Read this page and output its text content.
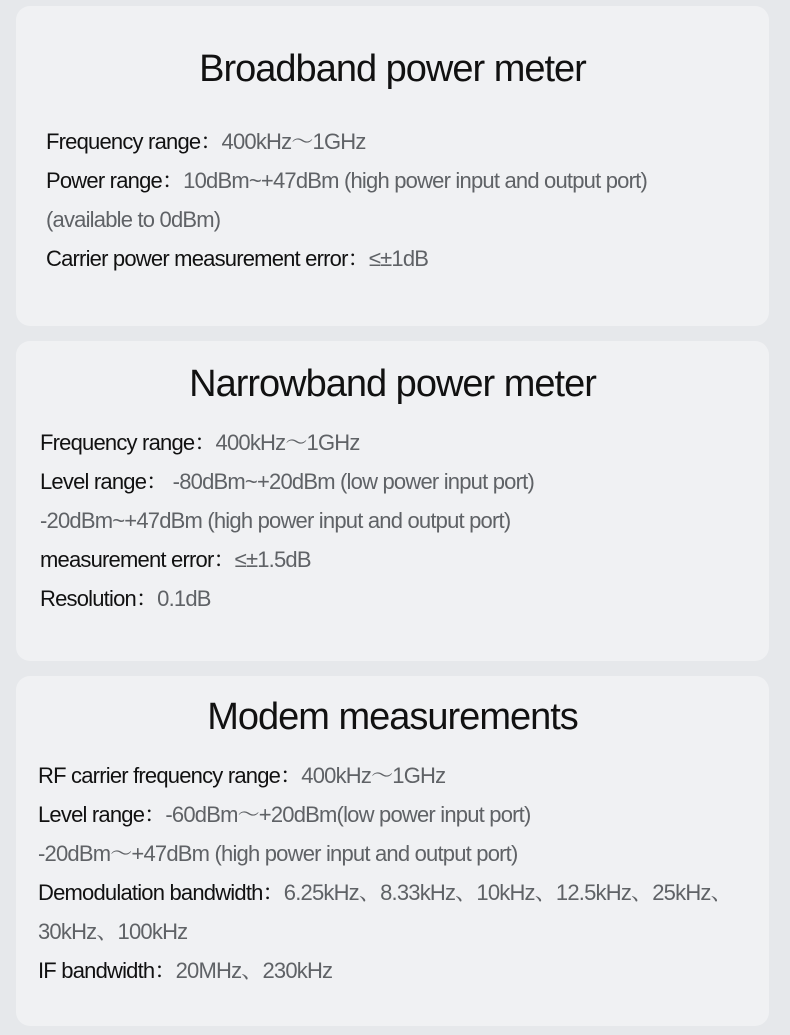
Broadband power meter
Frequency range：400kHz～1GHz
Power range：10dBm~+47dBm (high power input and output port)
(available to 0dBm)
Carrier power measurement error：≤±1dB
Narrowband power meter
Frequency range：400kHz～1GHz
Level range： -80dBm~+20dBm (low power input port)
-20dBm~+47dBm (high power input and output port)
measurement error：≤±1.5dB
Resolution：0.1dB
Modem measurements
RF carrier frequency range：400kHz～1GHz
Level range：-60dBm～+20dBm(low power input port)
-20dBm～+47dBm (high power input and output port)
Demodulation bandwidth：6.25kHz、8.33kHz、10kHz、12.5kHz、25kHz、
30kHz、100kHz
IF bandwidth：20MHz、230kHz
